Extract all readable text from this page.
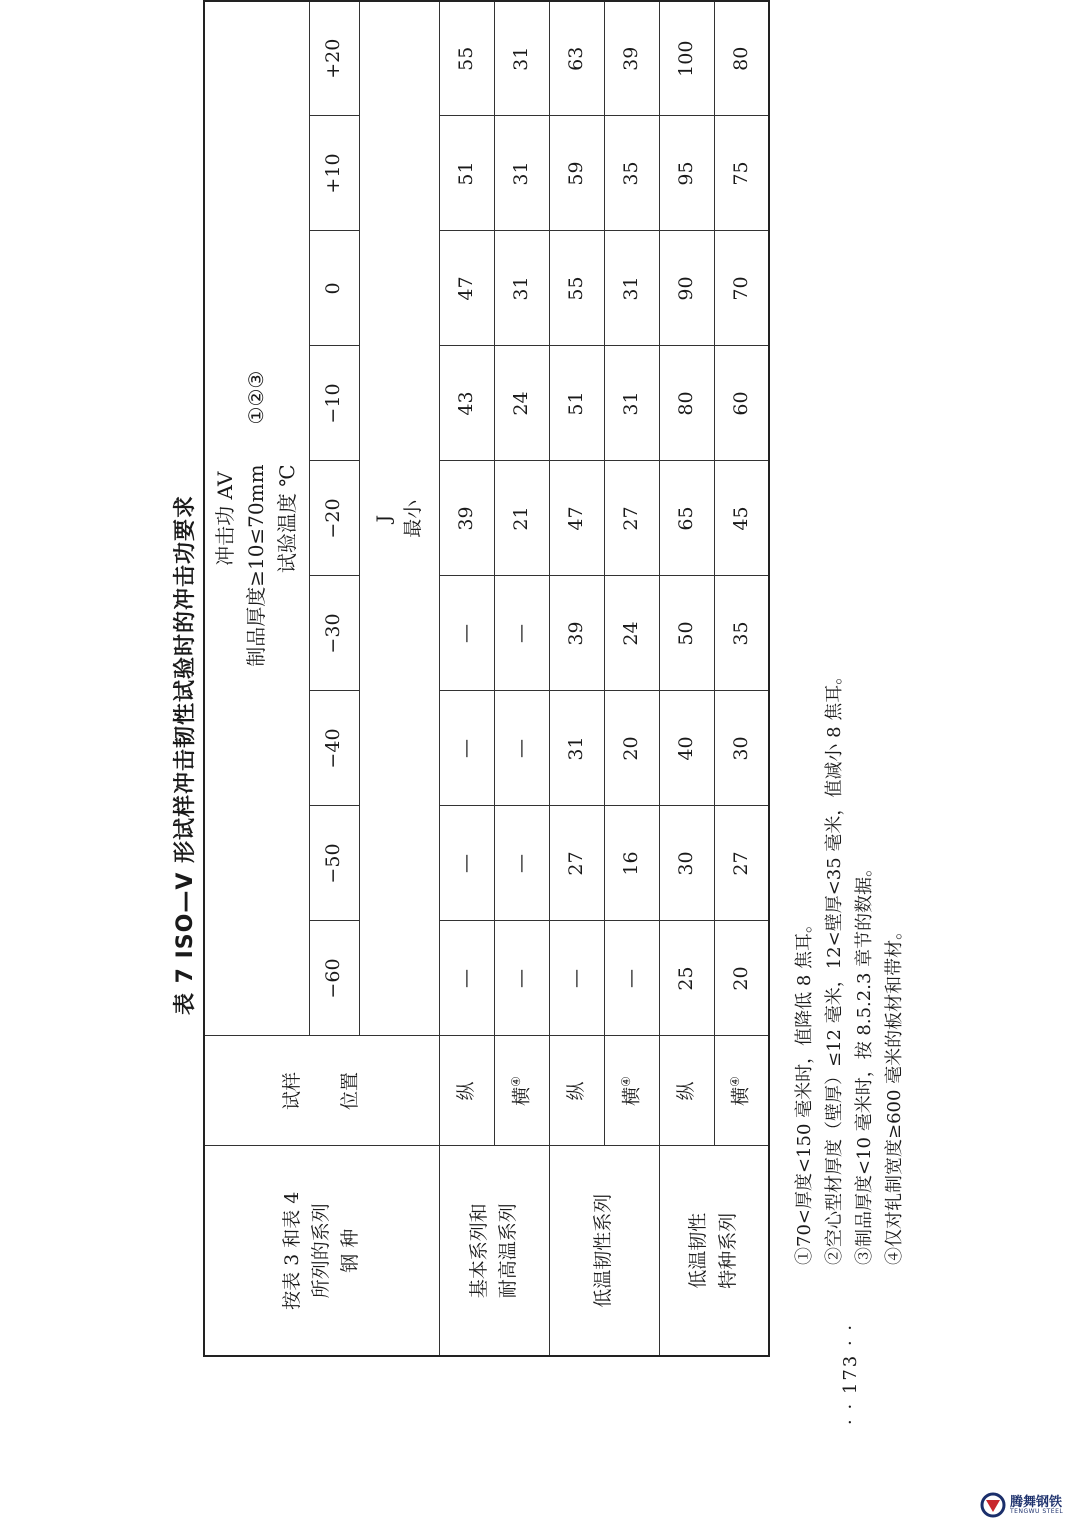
表 7 ISO—V 形试样冲击韧性试验时的冲击功要求
按表 3 和表 4
所列的系列
钢 种	试样

位置	冲击功 AV 制品厚度≥10≤70mm①②③
试验温度 ℃								

		−60	−50	−40	−30	−20	−10	0	+10	+20
		J
最小								
基本系列和
耐高温系列	纵	—	—	—	—	39	43	47	51	55
	横④	—	—	—	—	21	24	31	31	31
低温韧性系列	纵	—	27	31	39	47	51	55	59	63
	横④	—	16	20	24	27	31	31	35	39
低温韧性
特种系列	纵	25	30	40	50	65	80	90	95	100
	横④	20	27	30	35	45	60	70	75	80
①70<厚度<150 毫米时，值降低 8 焦耳。 ②空心型材厚度（壁厚）≤12 毫米，12<壁厚<35 毫米，值减小 8 焦耳。 ③制品厚度<10 毫米时，按 8.5.2.3 章节的数据。 ④仅对轧制宽度≥600 毫米的板材和带材。
· · 173 · ·
腾舞钢铁
TENGWU STEEL
